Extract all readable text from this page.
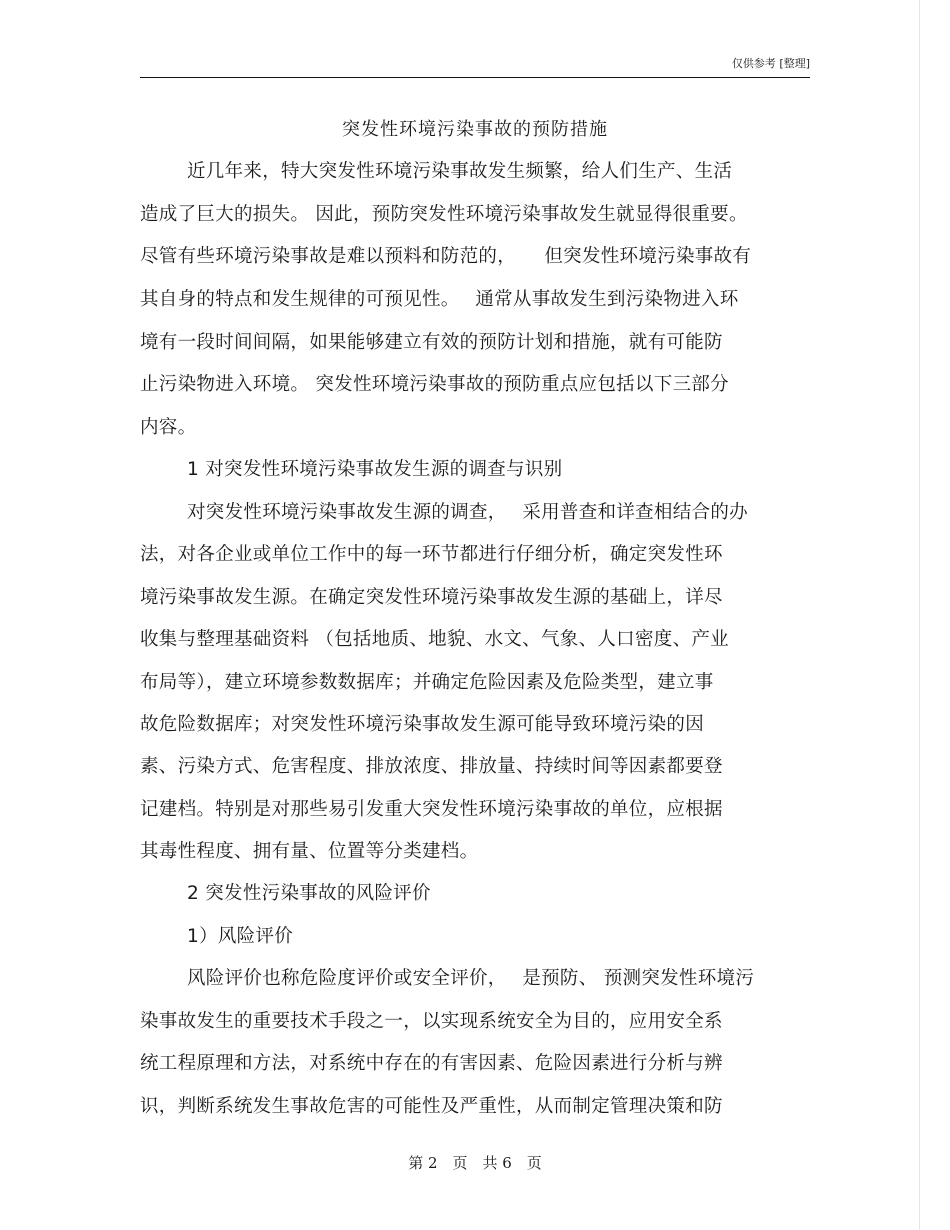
仅供参考 [整理]
突发性环境污染事故的预防措施
近几年来，特大突发性环境污染事故发生频繁，给人们生产、生活
造成了巨大的损失。 因此，预防突发性环境污染事故发生就显得很重要。
尽管有些环境污染事故是难以预料和防范的，　　但突发性环境污染事故有
其自身的特点和发生规律的可预见性。　 通常从事故发生到污染物进入环
境有一段时间间隔，如果能够建立有效的预防计划和措施，就有可能防
止污染物进入环境。 突发性环境污染事故的预防重点应包括以下三部分
内容。
1 对突发性环境污染事故发生源的调查与识别
对突发性环境污染事故发生源的调查，　 采用普查和详查相结合的办
法，对各企业或单位工作中的每一环节都进行仔细分析，确定突发性环
境污染事故发生源。在确定突发性环境污染事故发生源的基础上，详尽
收集与整理基础资料 （包括地质、地貌、水文、气象、人口密度、产业
布局等），建立环境参数数据库；并确定危险因素及危险类型，建立事
故危险数据库；对突发性环境污染事故发生源可能导致环境污染的因
素、污染方式、危害程度、排放浓度、排放量、持续时间等因素都要登
记建档。特别是对那些易引发重大突发性环境污染事故的单位，应根据
其毒性程度、拥有量、位置等分类建档。
2 突发性污染事故的风险评价
1）风险评价
风险评价也称危险度评价或安全评价，　 是预防、 预测突发性环境污
染事故发生的重要技术手段之一，以实现系统安全为目的，应用安全系
统工程原理和方法，对系统中存在的有害因素、危险因素进行分析与辨
识，判断系统发生事故危害的可能性及严重性，从而制定管理决策和防
第 2　页　共 6　页
